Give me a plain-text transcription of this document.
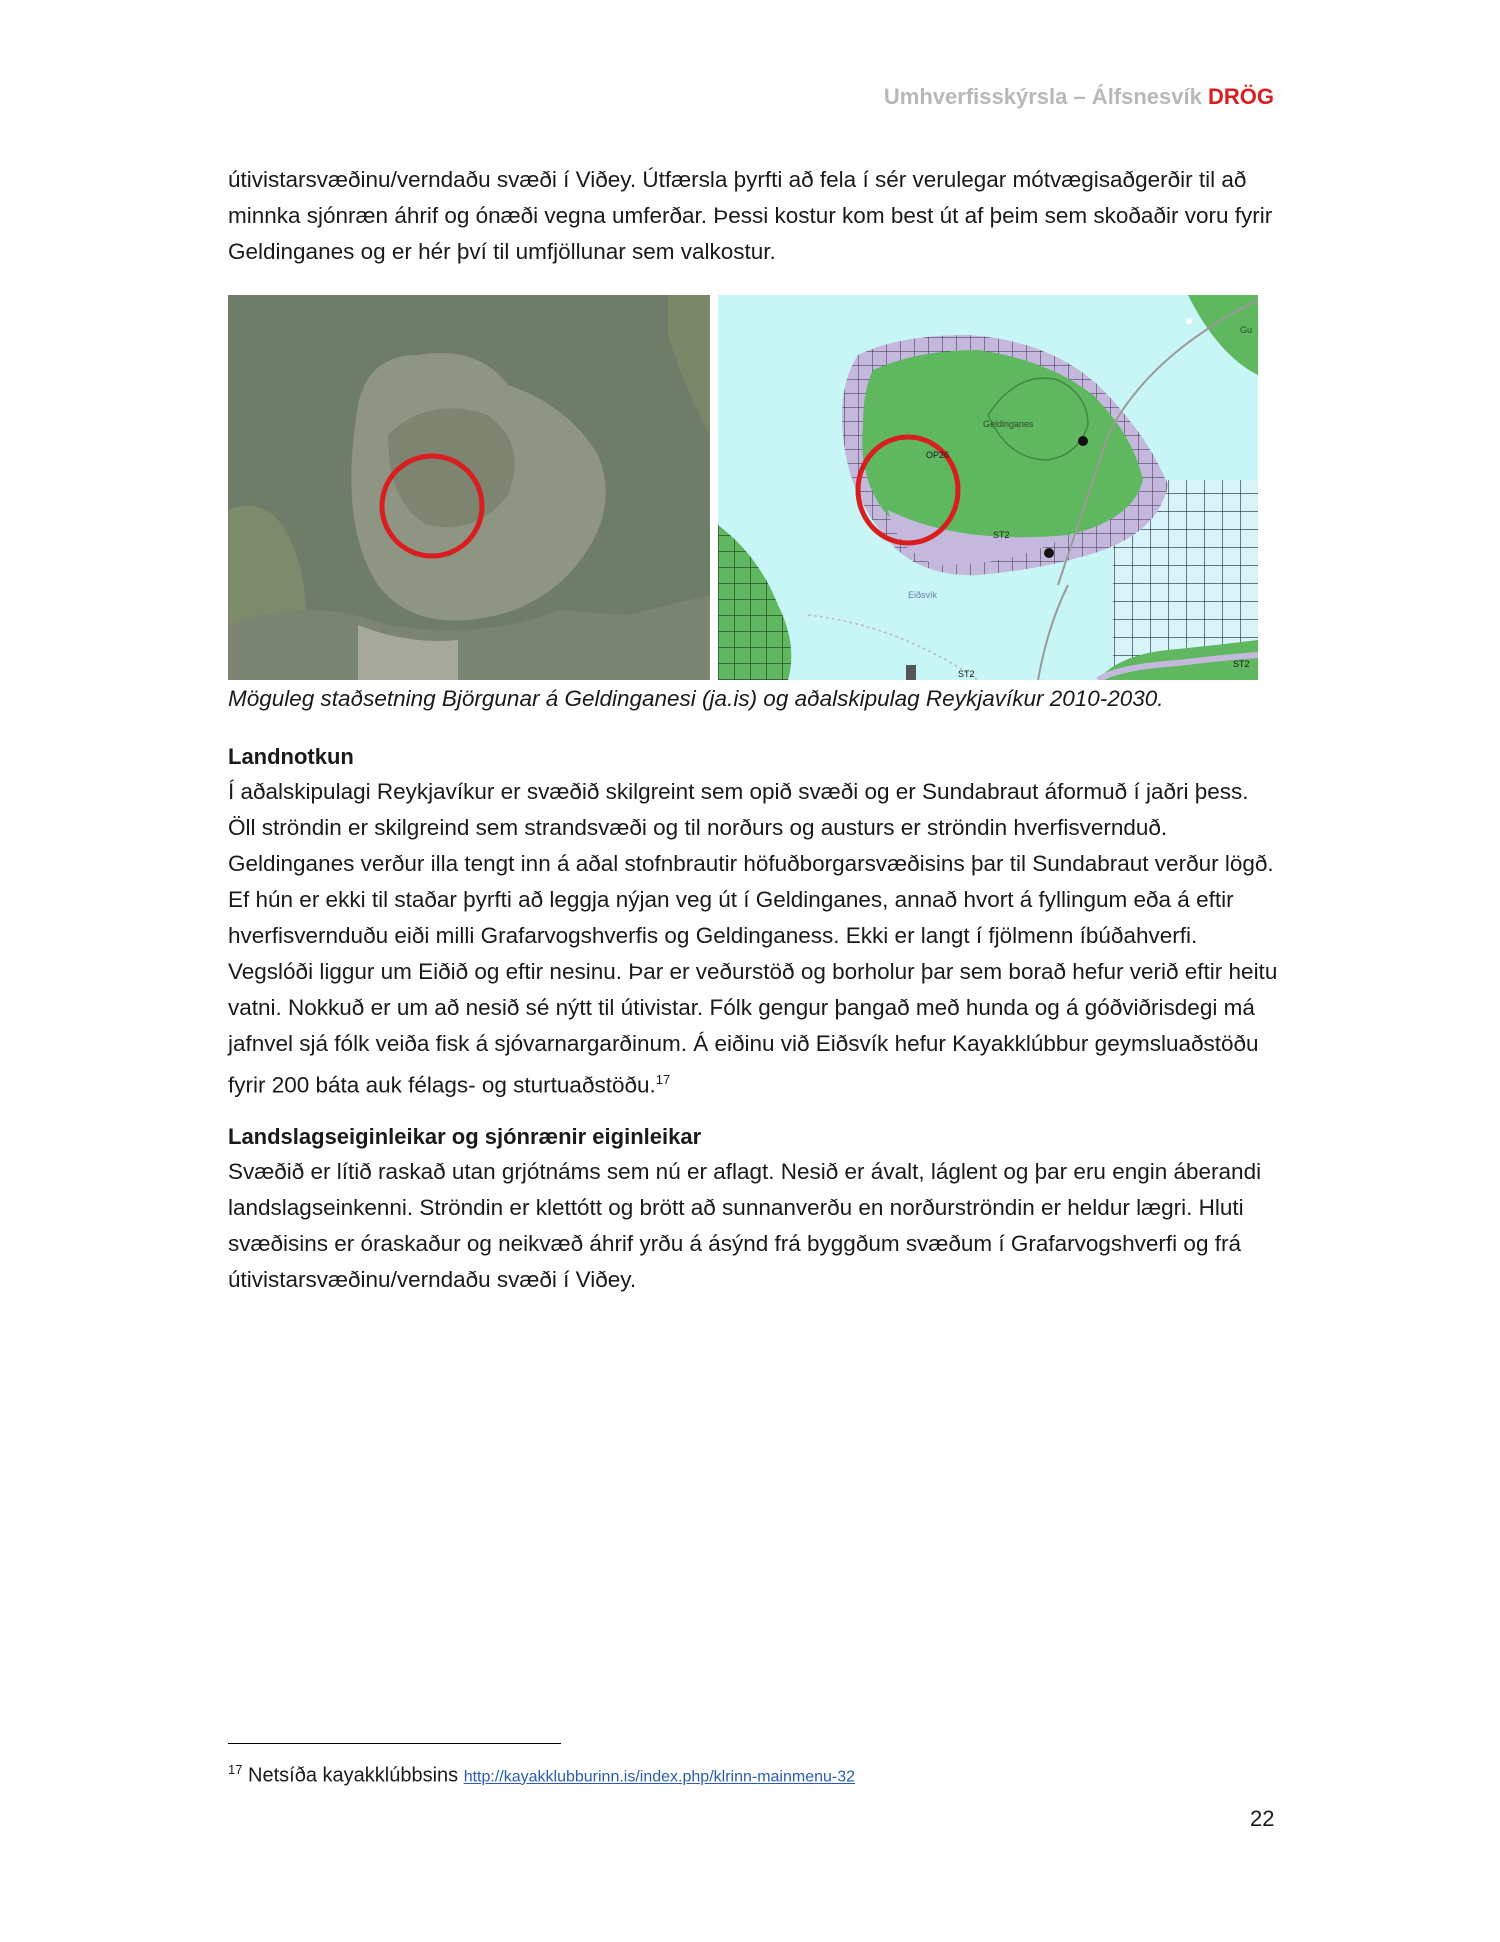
Umhverfisskýrsla – Álfsnesvík DRÖG

útivistarsvæðinu/verndaðu svæði í Viðey. Útfærsla þyrfti að fela í sér verulegar mótvægisaðgerðir til að minnka sjónræn áhrif og ónæði vegna umferðar. Þessi kostur kom best út af þeim sem skoðaðir voru fyrir Geldinganes og er hér því til umfjöllunar sem valkostur.

Geldinganes
OP26
ST2
Eiðsvík
ST2
ST2
Gu
Möguleg staðsetning Björgunar á Geldinganesi (ja.is) og aðalskipulag Reykjavíkur 2010-2030.
Landnotkun

Í aðalskipulagi Reykjavíkur er svæðið skilgreint sem opið svæði og er Sundabraut áformuð í jaðri þess. Öll ströndin er skilgreind sem strandsvæði og til norðurs og austurs er ströndin hverfisvernduð. Geldinganes verður illa tengt inn á aðal stofnbrautir höfuðborgarsvæðisins þar til Sundabraut verður lögð. Ef hún er ekki til staðar þyrfti að leggja nýjan veg út í Geldinganes, annað hvort á fyllingum eða á eftir hverfisvernduðu eiði milli Grafarvogshverfis og Geldinganess. Ekki er langt í fjölmenn íbúðahverfi. Vegslóði liggur um Eiðið og eftir nesinu. Þar er veðurstöð og borholur þar sem borað hefur verið eftir heitu vatni. Nokkuð er um að nesið sé nýtt til útivistar. Fólk gengur þangað með hunda og á góðviðrisdegi má jafnvel sjá fólk veiða fisk á sjóvarnargarðinum. Á eiðinu við Eiðsvík hefur Kayakklúbbur geymsluaðstöðu fyrir 200 báta auk félags- og sturtuaðstöðu.$^{17}$

Landslagseiginleikar og sjónrænir eiginleikar

Svæðið er lítið raskað utan grjótnáms sem nú er aflagt. Nesið er ávalt, láglent og þar eru engin áberandi landslagseinkenni. Ströndin er klettótt og brött að sunnanverðu en norðurströndin er heldur lægri. Hluti svæðisins er óraskaður og neikvæð áhrif yrðu á ásýnd frá byggðum svæðum í Grafarvogshverfi og frá útivistarsvæðinu/verndaðu svæði í Viðey.

$^{17}$ Netsíða kayakklúbbsins http://kayakklubburinn.is/index.php/klrinn-mainmenu-32
22
